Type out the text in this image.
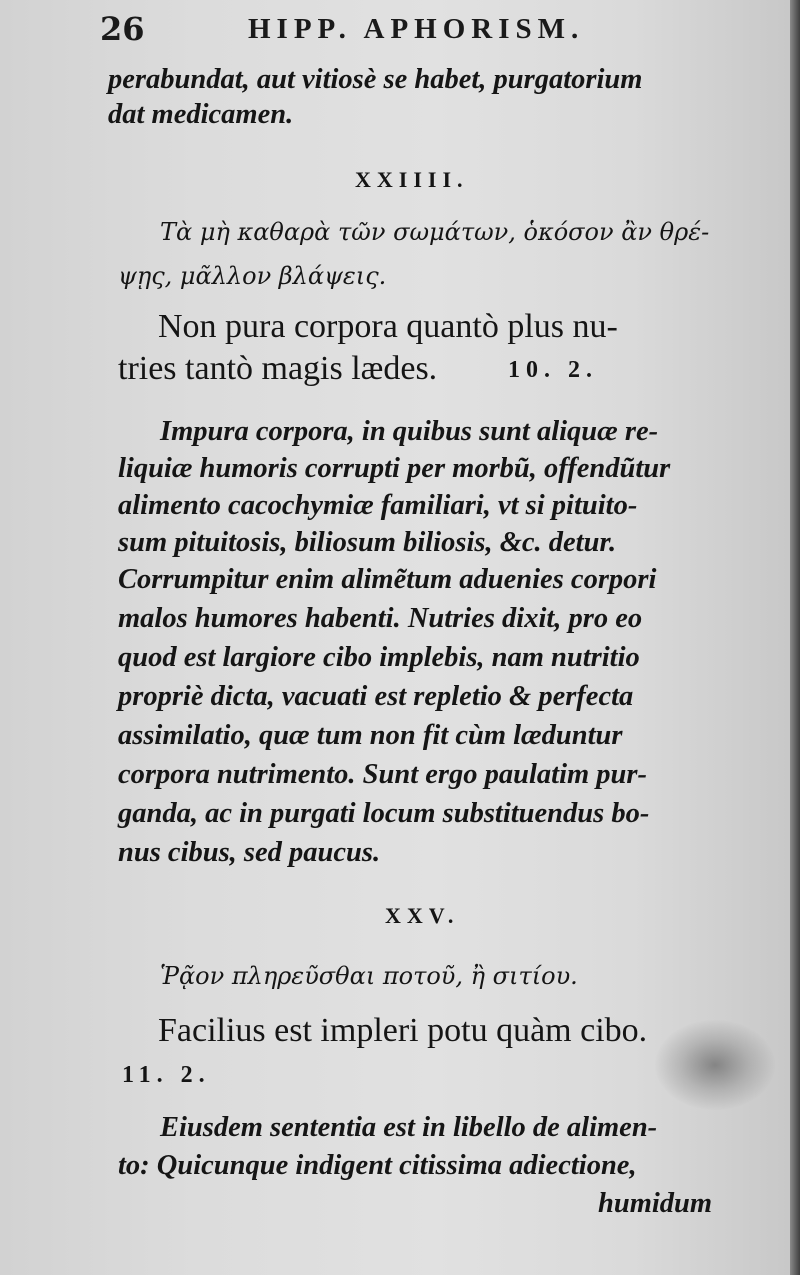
26	HIPP. APHORISM.
perabundat, aut vitiosè se habet, purgatorium
dat medicamen.
XXIIII.
Τὰ μὴ καθαρὰ τῶν σωμάτων, ὁκόσον ἂν θρέ-
ψῃς, μᾶλλον βλάψεις.
Non pura corpora quantò plus nu-
tries tantò magis lædes.	10. 2.
Impura corpora, in quibus sunt aliquæ re-
liquiæ humoris corrupti per morbũ, offendũtur
alimento cacochymiæ familiari, vt si pituito-
sum pituitosis, biliosum biliosis, &c. detur.
Corrumpitur enim alimẽtum aduenies corpori
malos humores habenti. Nutries dixit, pro eo
quod est largiore cibo implebis, nam nutritio
propriè dicta, vacuati est repletio & perfecta
assimilatio, quæ tum non fit cùm læduntur
corpora nutrimento. Sunt ergo paulatim pur-
ganda, ac in purgati locum substituendus bo-
nus cibus, sed paucus.
XXV.
Ῥᾷον πληρεῦσθαι ποτοῦ, ἢ σιτίου.
Facilius est impleri potu quàm cibo.
11. 2.
Eiusdem sententia est in libello de alimen-
to: Quicunque indigent citissima adiectione,
humidum
